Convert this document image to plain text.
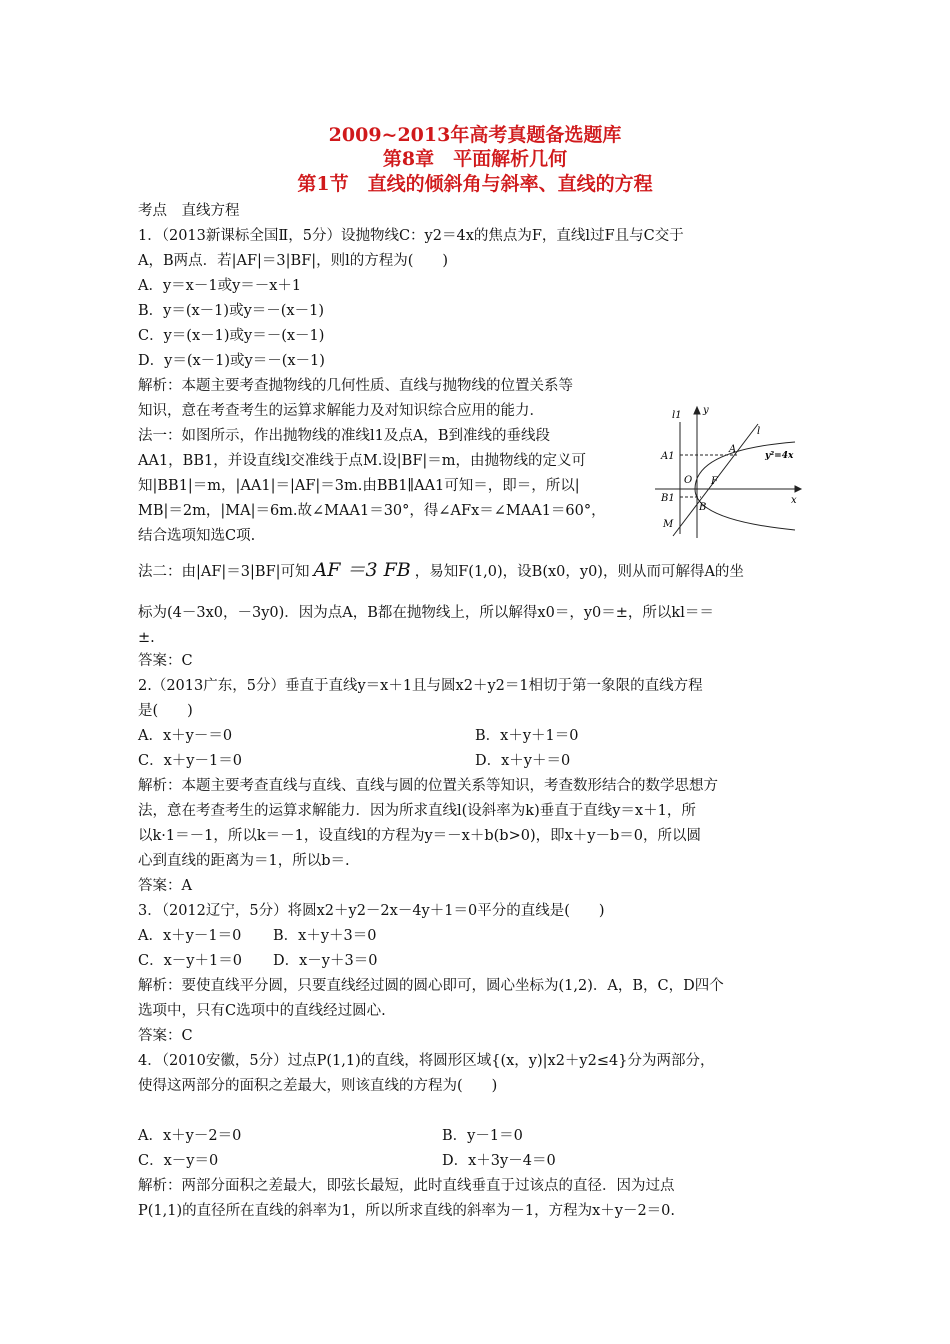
2009~2013年高考真题备选题库
第8章　平面解析几何
第1节　直线的倾斜角与斜率、直线的方程
考点　直线方程
1．（2013新课标全国Ⅱ，5分）设抛物线C：y2＝4x的焦点为F，直线l过F且与C交于
A，B两点．若|AF|＝3|BF|，则l的方程为(　　)
A．y＝x－1或y＝－x＋1
B．y＝(x－1)或y＝－(x－1)
C．y＝(x－1)或y＝－(x－1)
D．y＝(x－1)或y＝－(x－1)
解析：本题主要考查抛物线的几何性质、直线与抛物线的位置关系等
知识，意在考查考生的运算求解能力及对知识综合应用的能力．
法一：如图所示，作出抛物线的准线l1及点A，B到准线的垂线段
AA1，BB1，并设直线l交准线于点M.设|BF|＝m，由抛物线的定义可
知|BB1|＝m，|AA1|＝|AF|＝3m.由BB1∥AA1可知＝，即＝，所以|
MB|＝2m，|MA|＝6m.故∠MAA1＝30°，得∠AFx＝∠MAA1＝60°，
结合选项知选C项.
l1 y
l
A
A1	y²=4x
O F
x
B1
B
M
法二：由|AF|＝3|BF|可知 AF ＝3 FB ，易知F(1,0)，设B(x0，y0)，则从而可解得A的坐
标为(4－3x0，－3y0)．因为点A，B都在抛物线上，所以解得x0＝，y0＝±，所以kl＝＝
±.
答案：C
2.（2013广东，5分）垂直于直线y＝x＋1且与圆x2＋y2＝1相切于第一象限的直线方程
是(　　)
A．x＋y－＝0	B．x＋y＋1＝0
C．x＋y－1＝0	D．x＋y＋＝0
解析：本题主要考查直线与直线、直线与圆的位置关系等知识，考查数形结合的数学思想方
法，意在考查考生的运算求解能力．因为所求直线l(设斜率为k)垂直于直线y＝x＋1，所
以k·1＝－1，所以k＝－1，设直线l的方程为y＝－x＋b(b>0)，即x＋y－b＝0，所以圆
心到直线的距离为＝1，所以b＝.
答案：A
3．（2012辽宁，5分）将圆x2＋y2－2x－4y＋1＝0平分的直线是(　　)
A．x＋y－1＝0 B．x＋y＋3＝0
C．x－y＋1＝0 D．x－y＋3＝0
解析：要使直线平分圆，只要直线经过圆的圆心即可，圆心坐标为(1,2)．A，B，C，D四个
选项中，只有C选项中的直线经过圆心.
答案：C
4．（2010安徽，5分）过点P(1,1)的直线，将圆形区域{(x，y)|x2＋y2≤4}分为两部分，
使得这两部分的面积之差最大，则该直线的方程为(　　)
A．x＋y－2＝0	B．y－1＝0
C．x－y＝0	D．x＋3y－4＝0
解析：两部分面积之差最大，即弦长最短，此时直线垂直于过该点的直径．因为过点
P(1,1)的直径所在直线的斜率为1，所以所求直线的斜率为－1，方程为x＋y－2＝0.
